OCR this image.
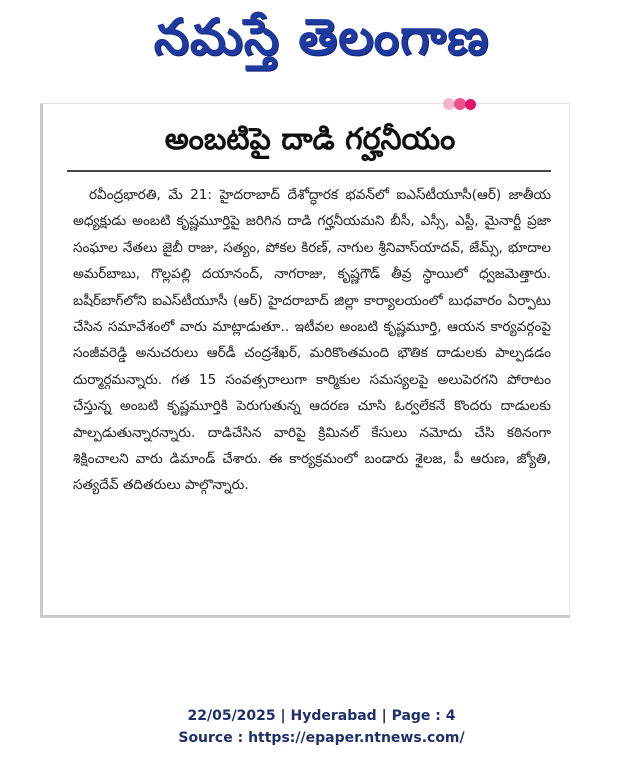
నమస్తే తెలంగాణ
అంబటిపై దాడి గర్హనీయం

రవీంద్రభారతి, మే 21: హైదరాబాద్ దేశోద్ధారక భవన్‌లో ఐఎస్‌టీయూసీ(ఆర్) జాతీయ అధ్యక్షుడు అంబటి కృష్ణమూర్తిపై జరిగిన దాడి గర్హనీయమని బీసీ, ఎస్సీ, ఎస్టీ, మైనార్టీ ప్రజా సంఘాల నేతలు జైబీ రాజు, సత్యం, పోకల కిరణ్, నాగుల శ్రీనివాస్‌యాదవ్, జేమ్స్, భూదాల అమర్‌బాబు, గొల్లపల్లి దయానంద్, నాగరాజు, కృష్ణగౌడ్ తీవ్ర స్థాయిలో ధ్వజమెత్తారు. బషీర్‌బాగ్‌లోని ఐఎస్‌టీయూసీ (ఆర్) హైదరాబాద్ జిల్లా కార్యాలయంలో బుధవారం ఏర్పాటు చేసిన సమావేశంలో వారు మాట్లాడుతూ.. ఇటీవల అంబటి కృష్ణమూర్తి, ఆయన కార్యవర్గంపై సంజీవరెడ్డి అనుచరులు ఆర్‌డీ చంద్రశేఖర్, మరికొంతమంది భౌతిక దాడులకు పాల్పడడం దుర్మార్గమన్నారు. గత 15 సంవత్సరాలుగా కార్మికుల సమస్యలపై అలుపెరగని పోరాటం చేస్తున్న అంబటి కృష్ణమూర్తికి పెరుగుతున్న ఆదరణ చూసి ఓర్వలేకనే కొందరు దాడులకు పాల్పడుతున్నారన్నారు. దాడిచేసిన వారిపై క్రిమినల్ కేసులు నమోదు చేసి కఠినంగా శిక్షించాలని వారు డిమాండ్ చేశారు. ఈ కార్యక్రమంలో బండారు శైలజ, పీ ఆరుణ, జ్యోతి, సత్యదేవ్ తదితరులు పాల్గొన్నారు.

22/05/2025 | Hyderabad | Page : 4
Source : https://epaper.ntnews.com/
